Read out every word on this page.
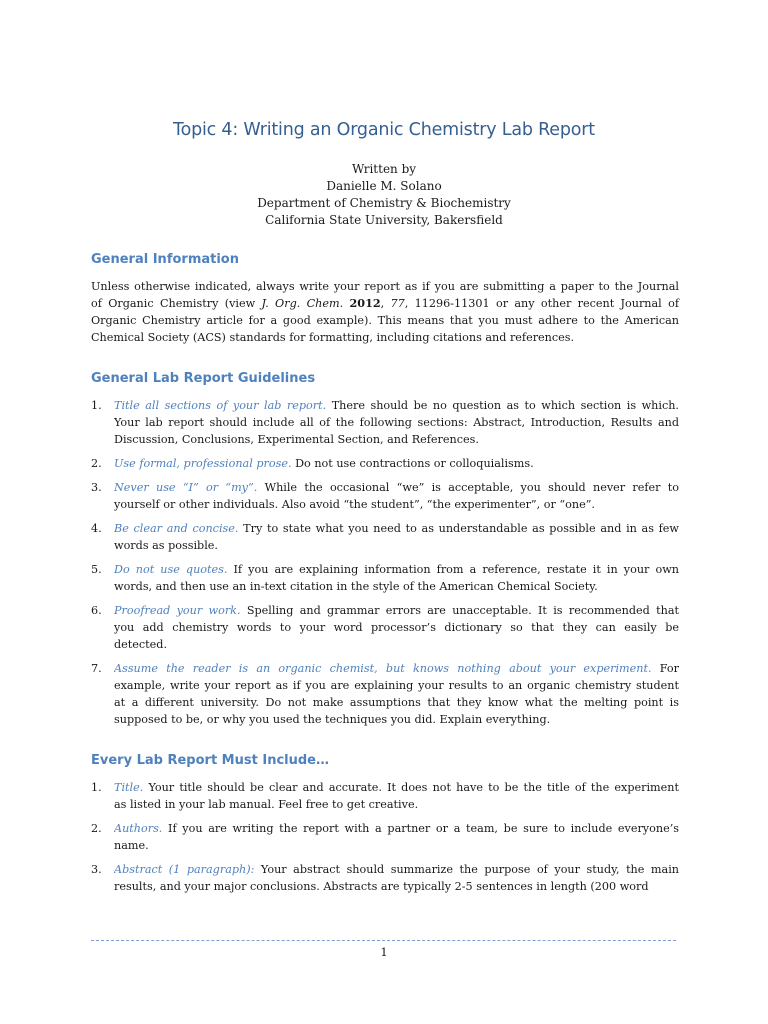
Topic 4: Writing an Organic Chemistry Lab Report
Written by
Danielle M. Solano
Department of Chemistry & Biochemistry
California State University, Bakersfield
General Information
Unless otherwise indicated, always write your report as if you are submitting a paper to the Journal
of Organic Chemistry (view J. Org. Chem. 2012, 77, 11296-11301 or any other recent Journal of
Organic Chemistry article for a good example). This means that you must adhere to the American
Chemical Society (ACS) standards for formatting, including citations and references.
General Lab Report Guidelines
1.	Title all sections of your lab report. There should be no question as to which section is which.
Your lab report should include all of the following sections: Abstract, Introduction, Results and
Discussion, Conclusions, Experimental Section, and References.
2.	Use formal, professional prose. Do not use contractions or colloquialisms.
3.	Never use “I” or “my”. While the occasional “we” is acceptable, you should never refer to
yourself or other individuals. Also avoid “the student”, “the experimenter”, or “one”.
4.	Be clear and concise. Try to state what you need to as understandable as possible and in as few
words as possible.
5.	Do not use quotes. If you are explaining information from a reference, restate it in your own
words, and then use an in-text citation in the style of the American Chemical Society.
6.	Proofread your work. Spelling and grammar errors are unacceptable. It is recommended that
you add chemistry words to your word processor’s dictionary so that they can easily be
detected.
7.	Assume the reader is an organic chemist, but knows nothing about your experiment. For
example, write your report as if you are explaining your results to an organic chemistry student
at a different university. Do not make assumptions that they know what the melting point is
supposed to be, or why you used the techniques you did. Explain everything.
Every Lab Report Must Include…
1.	Title. Your title should be clear and accurate. It does not have to be the title of the experiment
as listed in your lab manual. Feel free to get creative.
2.	Authors. If you are writing the report with a partner or a team, be sure to include everyone’s
name.
3.	Abstract (1 paragraph): Your abstract should summarize the purpose of your study, the main
results, and your major conclusions. Abstracts are typically 2-5 sentences in length (200 word
1
